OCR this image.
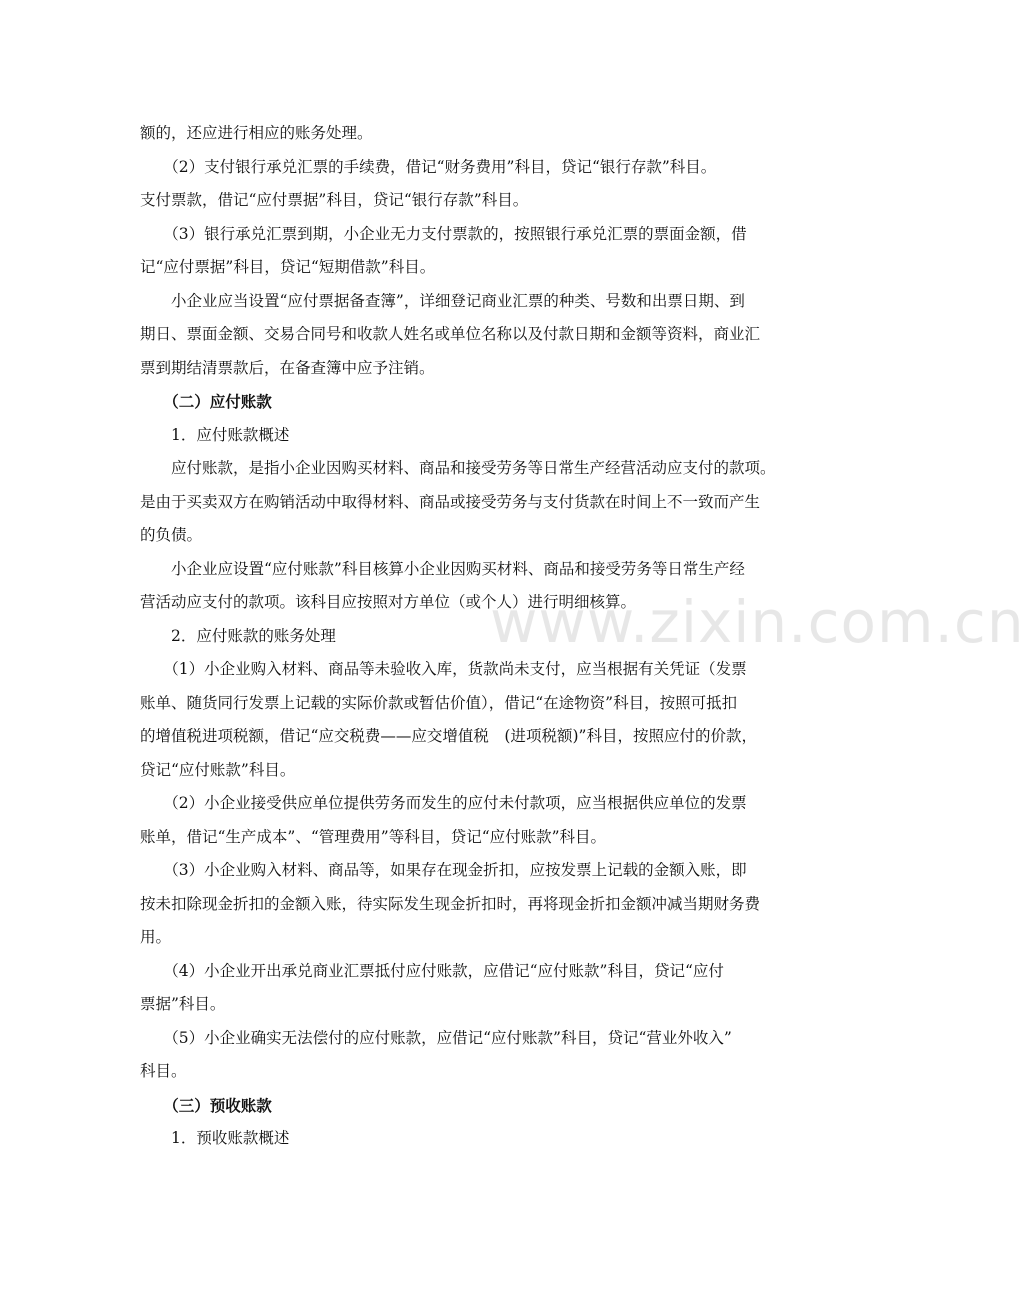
额的，还应进行相应的账务处理。

　　（2）支付银行承兑汇票的手续费，借记“财务费用”科目，贷记“银行存款”科目。

支付票款，借记“应付票据”科目，贷记“银行存款”科目。

　　（3）银行承兑汇票到期，小企业无力支付票款的，按照银行承兑汇票的票面金额，借

记“应付票据”科目，贷记“短期借款”科目。

　　小企业应当设置“应付票据备查簿”，详细登记商业汇票的种类、号数和出票日期、到

期日、票面金额、交易合同号和收款人姓名或单位名称以及付款日期和金额等资料，商业汇

票到期结清票款后，在备查簿中应予注销。

　　（二）应付账款

　　1．应付账款概述

　　应付账款，是指小企业因购买材料、商品和接受劳务等日常生产经营活动应支付的款项。

是由于买卖双方在购销活动中取得材料、商品或接受劳务与支付货款在时间上不一致而产生

的负债。

　　小企业应设置“应付账款”科目核算小企业因购买材料、商品和接受劳务等日常生产经

营活动应支付的款项。该科目应按照对方单位（或个人）进行明细核算。

　　2．应付账款的账务处理

　　（1）小企业购入材料、商品等未验收入库，货款尚未支付，应当根据有关凭证（发票

账单、随货同行发票上记载的实际价款或暂估价值），借记“在途物资”科目，按照可抵扣

的增值税进项税额，借记“应交税费——应交增值税　(进项税额)”科目，按照应付的价款，

贷记“应付账款”科目。

　　（2）小企业接受供应单位提供劳务而发生的应付未付款项，应当根据供应单位的发票

账单，借记“生产成本”、“管理费用”等科目，贷记“应付账款”科目。

　　（3）小企业购入材料、商品等，如果存在现金折扣，应按发票上记载的金额入账，即

按未扣除现金折扣的金额入账，待实际发生现金折扣时，再将现金折扣金额冲减当期财务费

用。

　　（4）小企业开出承兑商业汇票抵付应付账款，应借记“应付账款”科目，贷记“应付

票据”科目。

　　（5）小企业确实无法偿付的应付账款，应借记“应付账款”科目，贷记“营业外收入”

科目。

　　（三）预收账款

　　1．预收账款概述

www.zixin.com.cn
